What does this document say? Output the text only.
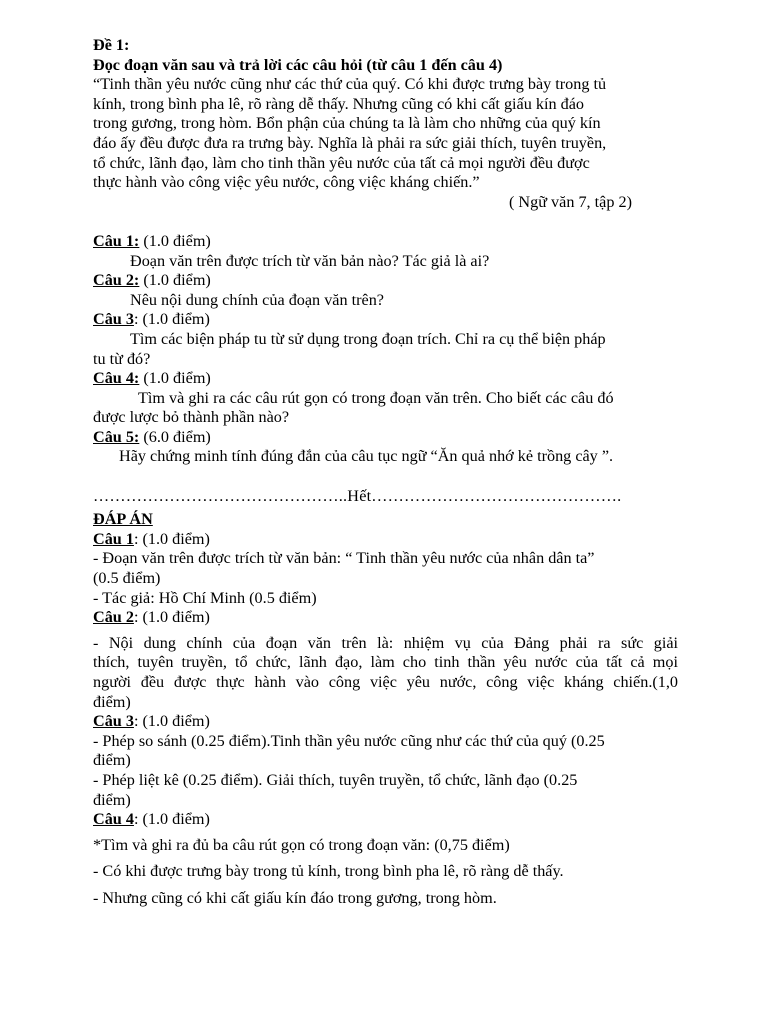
Đề 1:
Đọc đoạn văn sau và trả lời các câu hỏi (từ câu 1 đến câu 4)
“Tinh thần yêu nước cũng như các thứ của quý. Có khi được trưng bày trong tủ
kính, trong bình pha lê, rõ ràng dễ thấy. Nhưng cũng có khi cất giấu kín đáo
trong gương, trong hòm. Bổn phận của chúng ta là làm cho những của quý kín
đáo ấy đều được đưa ra trưng bày. Nghĩa là phải ra sức giải thích, tuyên truyền,
tổ chức, lãnh đạo, làm cho tinh thần yêu nước của tất cả mọi người đều được
thực hành vào công việc yêu nước, công việc kháng chiến.”
( Ngữ văn 7, tập 2)
Câu 1: (1.0 điểm)
Đoạn văn trên được trích từ văn bản nào? Tác giả là ai?
Câu 2: (1.0 điểm)
Nêu nội dung chính của đoạn văn trên?
Câu 3: (1.0 điểm)
Tìm các biện pháp tu từ sử dụng trong đoạn trích. Chỉ ra cụ thể biện pháp
tu từ đó?
Câu 4: (1.0 điểm)
Tìm và ghi ra các câu rút gọn có trong đoạn văn trên. Cho biết các câu đó
được lược bỏ thành phần nào?
Câu 5: (6.0 điểm)
Hãy chứng minh tính đúng đắn của câu tục ngữ “Ăn quả nhớ kẻ trồng cây ”.
………………………………………..Hết……………………………………….
ĐÁP ÁN
Câu 1: (1.0 điểm)
- Đoạn văn trên được trích từ văn bản: “ Tinh thần yêu nước của nhân dân ta”
(0.5 điểm)
- Tác giả: Hồ Chí Minh (0.5 điểm)
Câu 2: (1.0 điểm)
- Nội dung chính của đoạn văn trên là: nhiệm vụ của Đảng phải ra sức giải
thích, tuyên truyền, tổ chức, lãnh đạo, làm cho tinh thần yêu nước của tất cả mọi
người đều được thực hành vào công việc yêu nước, công việc kháng chiến.(1,0
điểm)
Câu 3: (1.0 điểm)
- Phép so sánh (0.25 điểm).Tinh thần yêu nước cũng như các thứ của quý (0.25
điểm)
- Phép liệt kê (0.25 điểm). Giải thích, tuyên truyền, tổ chức, lãnh đạo (0.25
điểm)
Câu 4: (1.0 điểm)
*Tìm và ghi ra đủ ba câu rút gọn có trong đoạn văn: (0,75 điểm)
- Có khi được trưng bày trong tủ kính, trong bình pha lê, rõ ràng dễ thấy.
- Nhưng cũng có khi cất giấu kín đáo trong gương, trong hòm.
